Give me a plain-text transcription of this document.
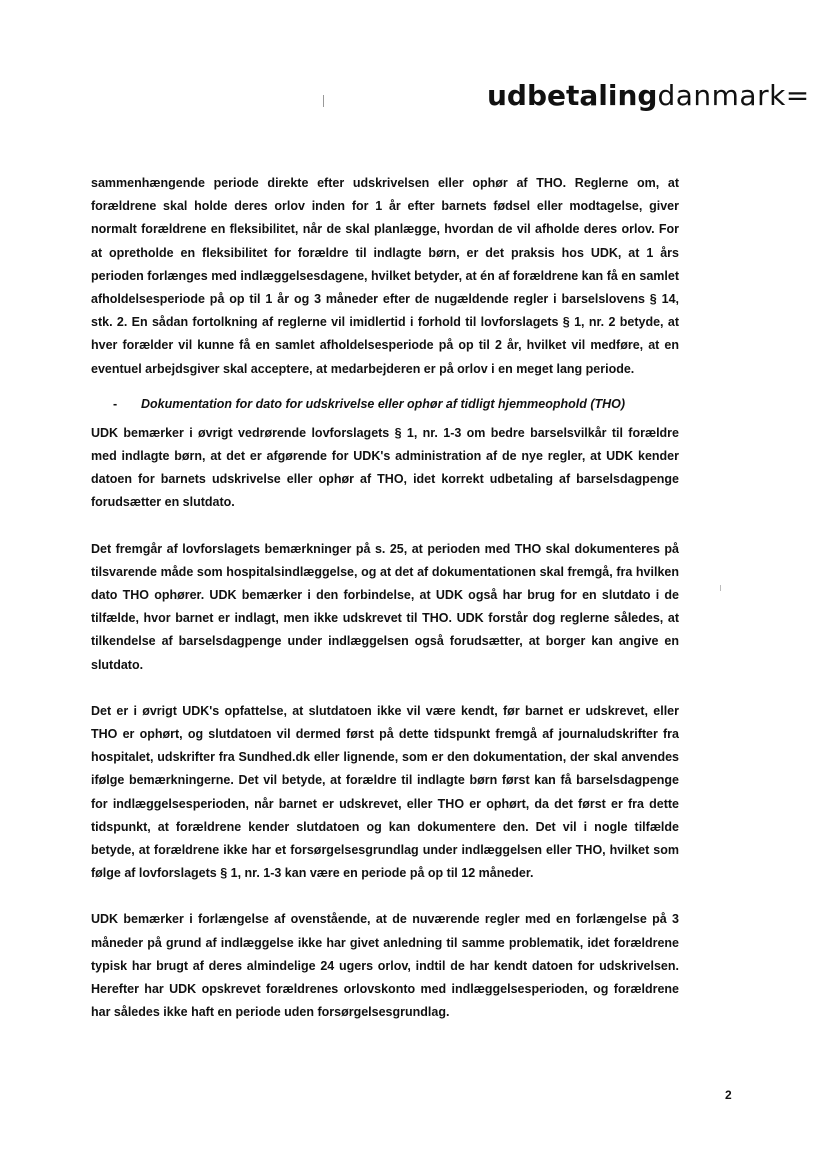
udbetalingdanmark=

sammenhængende periode direkte efter udskrivelsen eller ophør af THO. Reglerne om, at forældrene skal holde deres orlov inden for 1 år efter barnets fødsel eller modtagelse, giver normalt forældrene en fleksibilitet, når de skal planlægge, hvordan de vil afholde deres orlov. For at opretholde en fleksibilitet for forældre til indlagte børn, er det praksis hos UDK, at 1 års perioden forlænges med indlæggelsesdagene, hvilket betyder, at én af forældrene kan få en samlet afholdelsesperiode på op til 1 år og 3 måneder efter de nugældende regler i barselslovens § 14, stk. 2. En sådan fortolkning af reglerne vil imidlertid i forhold til lovforslagets § 1, nr. 2 betyde, at hver forælder vil kunne få en samlet afholdelsesperiode på op til 2 år, hvilket vil medføre, at en eventuel arbejdsgiver skal acceptere, at medarbejderen er på orlov i en meget lang periode.

-	Dokumentation for dato for udskrivelse eller ophør af tidligt hjemmeophold (THO)

UDK bemærker i øvrigt vedrørende lovforslagets § 1, nr. 1-3 om bedre barselsvilkår til forældre med indlagte børn, at det er afgørende for UDK's administration af de nye regler, at UDK kender datoen for barnets udskrivelse eller ophør af THO, idet korrekt udbetaling af barselsdagpenge forudsætter en slutdato.

Det fremgår af lovforslagets bemærkninger på s. 25, at perioden med THO skal dokumenteres på tilsvarende måde som hospitalsindlæggelse, og at det af dokumentationen skal fremgå, fra hvilken dato THO ophører. UDK bemærker i den forbindelse, at UDK også har brug for en slutdato i de tilfælde, hvor barnet er indlagt, men ikke udskrevet til THO. UDK forstår dog reglerne således, at tilkendelse af barselsdagpenge under indlæggelsen også forudsætter, at borger kan angive en slutdato.

Det er i øvrigt UDK's opfattelse, at slutdatoen ikke vil være kendt, før barnet er udskrevet, eller THO er ophørt, og slutdatoen vil dermed først på dette tidspunkt fremgå af journaludskrifter fra hospitalet, udskrifter fra Sundhed.dk eller lignende, som er den dokumentation, der skal anvendes ifølge bemærkningerne. Det vil betyde, at forældre til indlagte børn først kan få barselsdagpenge for indlæggelsesperioden, når barnet er udskrevet, eller THO er ophørt, da det først er fra dette tidspunkt, at forældrene kender slutdatoen og kan dokumentere den. Det vil i nogle tilfælde betyde, at forældrene ikke har et forsørgelsesgrundlag under indlæggelsen eller THO, hvilket som følge af lovforslagets § 1, nr. 1-3 kan være en periode på op til 12 måneder.

UDK bemærker i forlængelse af ovenstående, at de nuværende regler med en forlængelse på 3 måneder på grund af indlæggelse ikke har givet anledning til samme problematik, idet forældrene typisk har brugt af deres almindelige 24 ugers orlov, indtil de har kendt datoen for udskrivelsen. Herefter har UDK opskrevet forældrenes orlovskonto med indlæggelsesperioden, og forældrene har således ikke haft en periode uden forsørgelsesgrundlag.

2
